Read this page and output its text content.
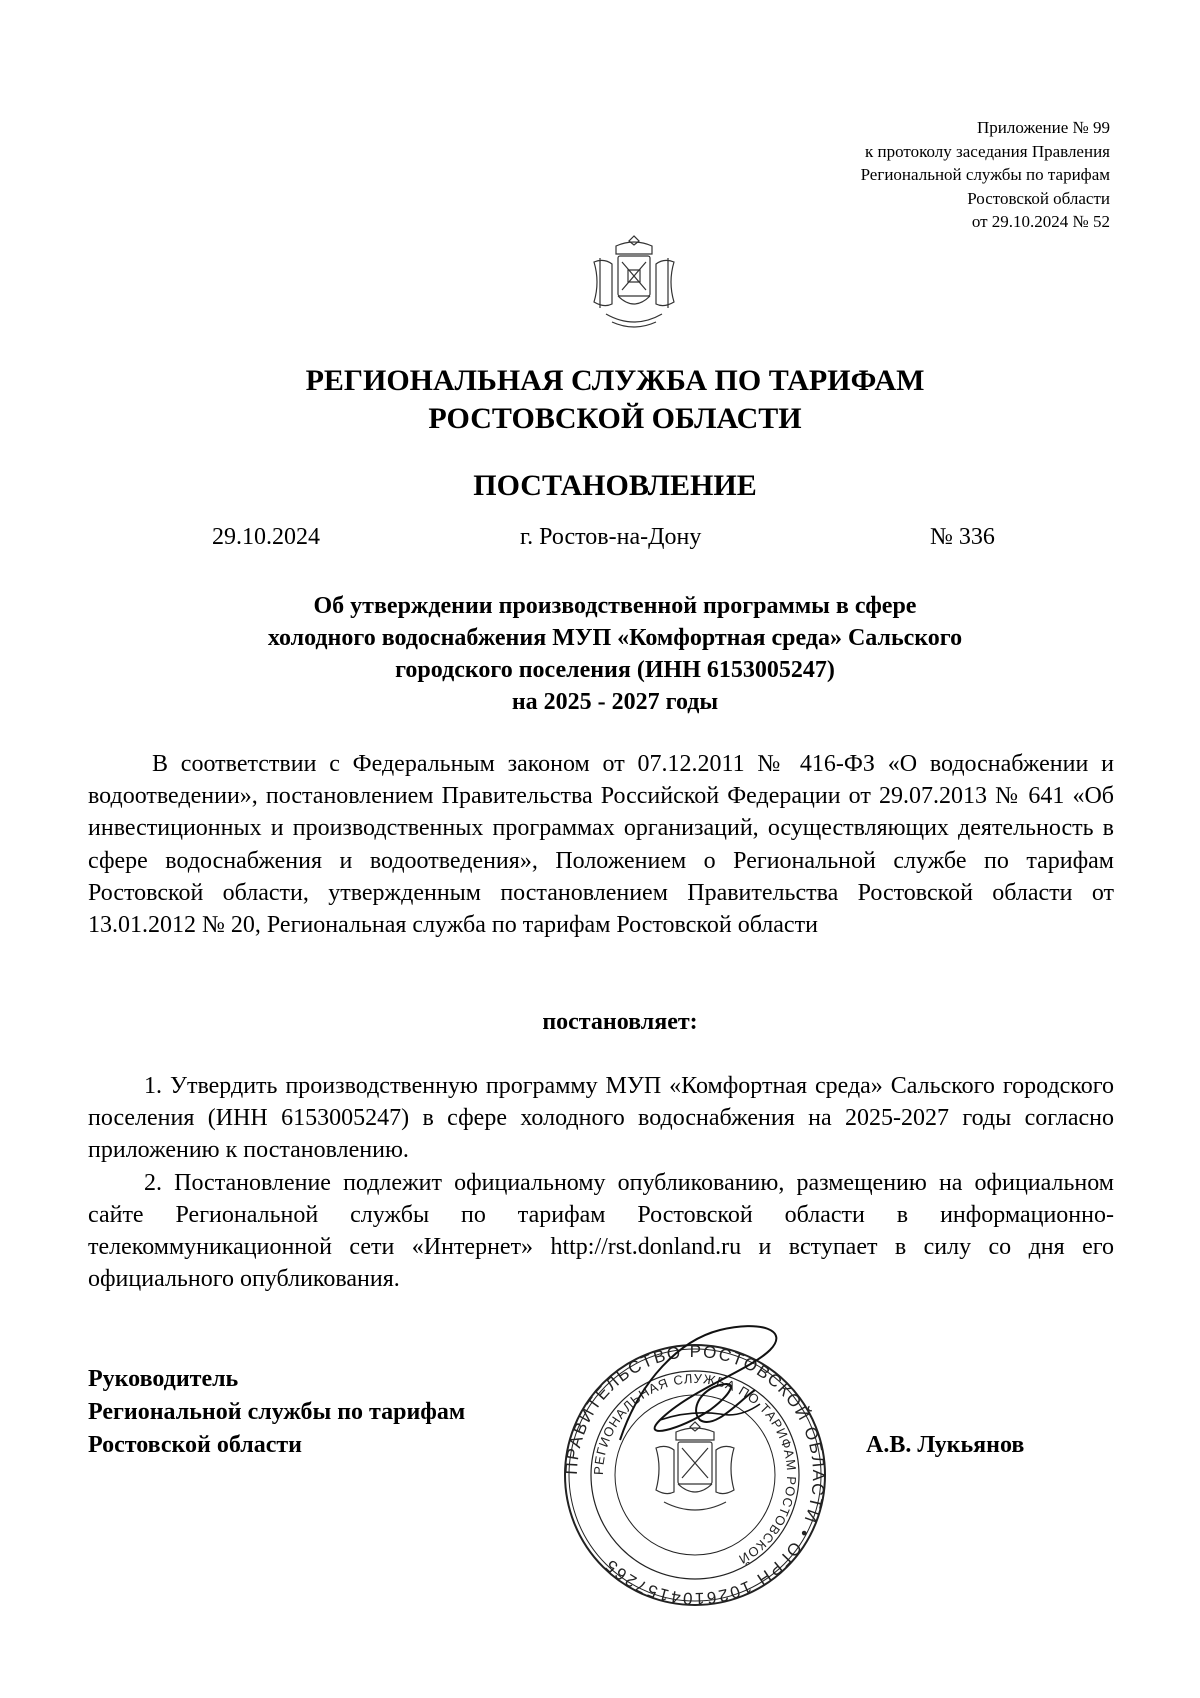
Приложение № 99
к протоколу заседания Правления
Региональной службы по тарифам
Ростовской области
от 29.10.2024 № 52
РЕГИОНАЛЬНАЯ СЛУЖБА ПО ТАРИФАМ
РОСТОВСКОЙ ОБЛАСТИ
ПОСТАНОВЛЕНИЕ
29.10.2024	г. Ростов-на-Дону	№ 336
Об утверждении производственной программы в сфере
холодного водоснабжения МУП «Комфортная среда» Сальского
городского поселения (ИНН 6153005247)
на 2025 - 2027 годы

В соответствии с Федеральным законом от 07.12.2011 № 416-ФЗ «О водоснабжении и водоотведении», постановлением Правительства Российской Федерации от 29.07.2013 № 641 «Об инвестиционных и производственных программах организаций, осуществляющих деятельность в сфере водоснабжения и водоотведения», Положением о Региональной службе по тарифам Ростовской области, утвержденным постановлением Правительства Ростовской области от 13.01.2012 № 20, Региональная служба по тарифам Ростовской области

постановляет:

1. Утвердить производственную программу МУП «Комфортная среда» Сальского городского поселения (ИНН 6153005247) в сфере холодного водоснабжения на 2025-2027 годы согласно приложению к постановлению.

2. Постановление подлежит официальному опубликованию, размещению на официальном сайте Региональной службы по тарифам Ростовской области в информационно-телекоммуникационной сети «Интернет» http://rst.donland.ru и вступает в силу со дня его официального опубликования.

Руководитель
Региональной службы по тарифам
Ростовской области
ПРАВИТЕЛЬСТВО РОСТОВСКОЙ ОБЛАСТИ • ОГРН 1026104157265
РЕГИОНАЛЬНАЯ СЛУЖБА ПО ТАРИФАМ РОСТОВСКОЙ
А.В. Лукьянов
